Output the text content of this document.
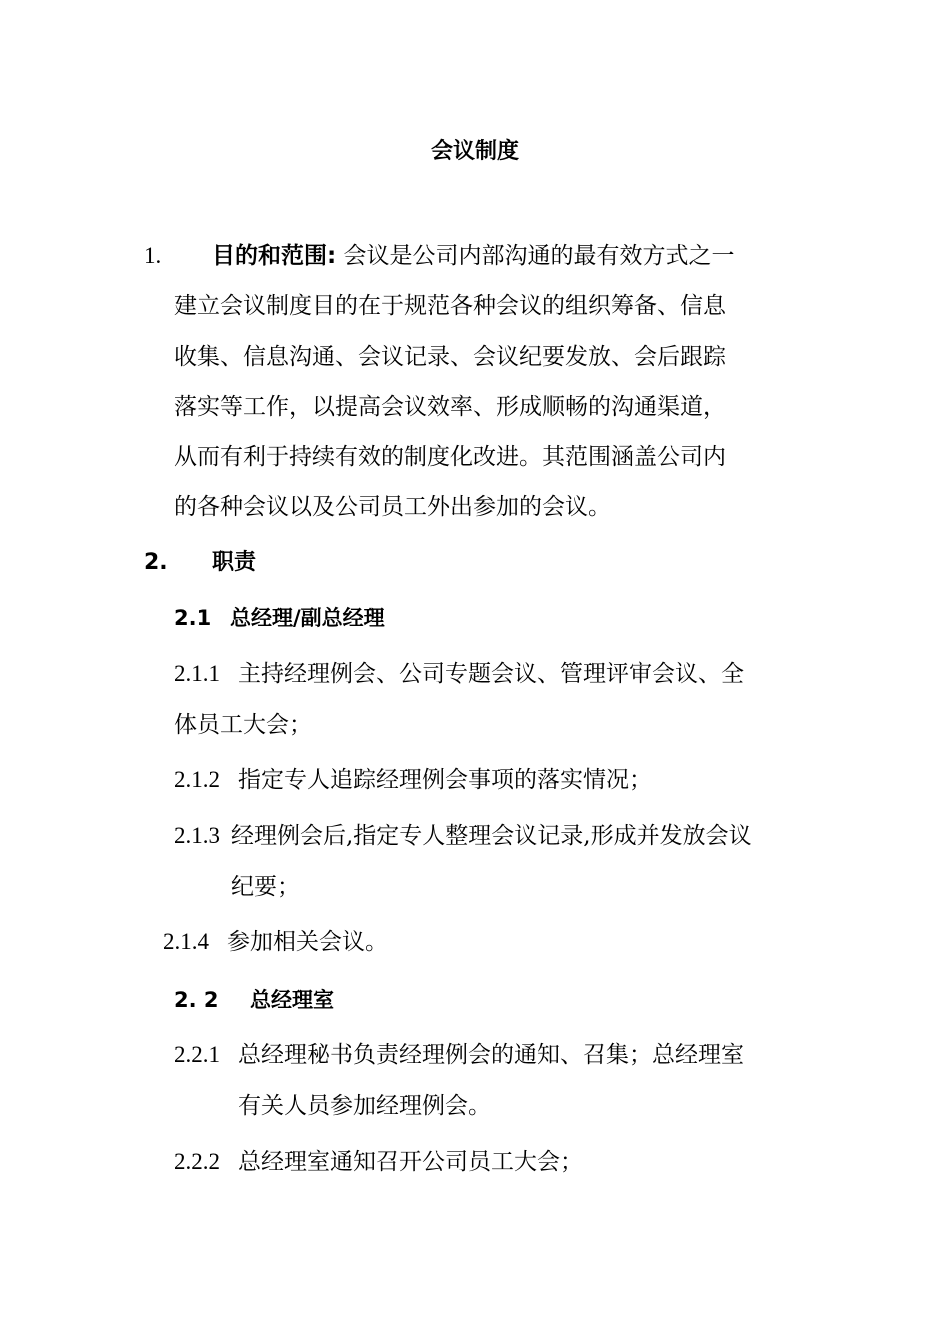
会议制度
1. 目的和范围: 会议是公司内部沟通的最有效方式之一
建立会议制度目的在于规范各种会议的组织筹备、信息
收集、信息沟通、会议记录、会议纪要发放、会后跟踪
落实等工作，以提高会议效率、形成顺畅的沟通渠道，
从而有利于持续有效的制度化改进。其范围涵盖公司内
的各种会议以及公司员工外出参加的会议。
2. 职责
2.1 总经理/副总经理
2.1.1 主持经理例会、公司专题会议、管理评审会议、全
体员工大会；
2.1.2 指定专人追踪经理例会事项的落实情况；
2.1.3 经理例会后,指定专人整理会议记录,形成并发放会议
纪要；
2.1.4 参加相关会议。
2. 2 总经理室
2.2.1 总经理秘书负责经理例会的通知、召集；总经理室
有关人员参加经理例会。
2.2.2 总经理室通知召开公司员工大会；
